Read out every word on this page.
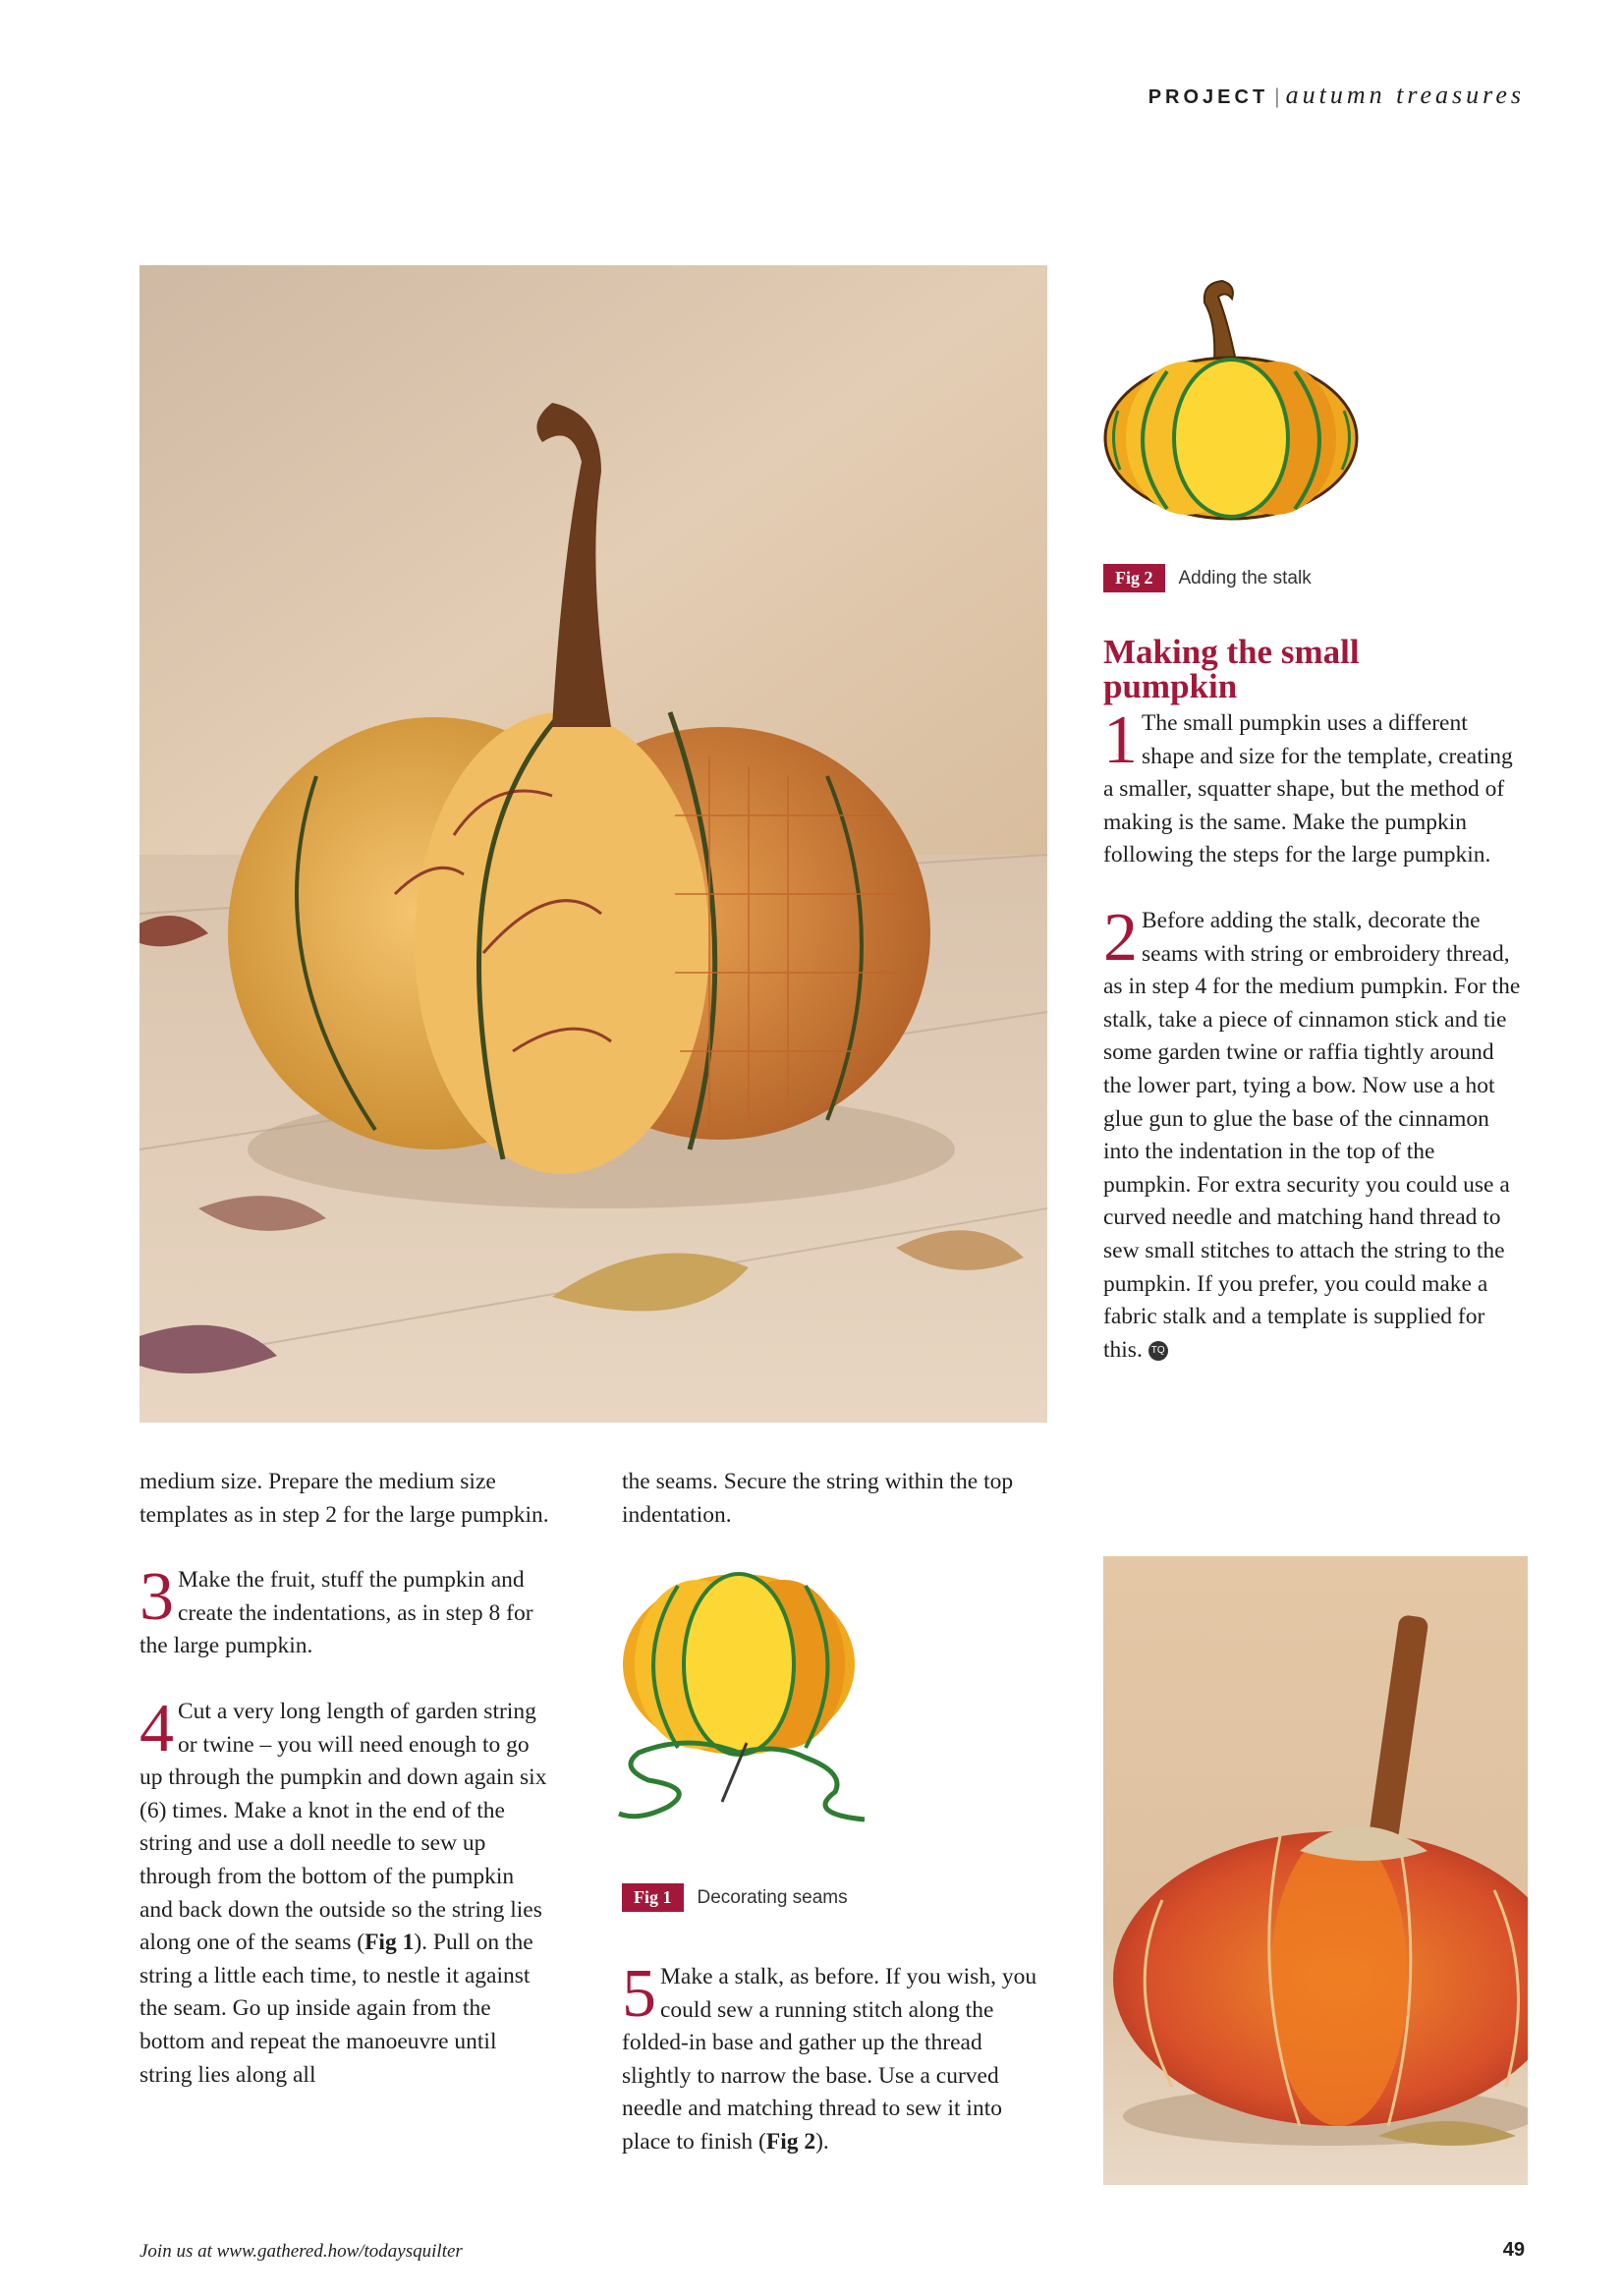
PROJECT | autumn treasures
Fig 2 Adding the stalk
Making the small pumpkin

1 The small pumpkin uses a different shape and size for the template, creating a smaller, squatter shape, but the method of making is the same. Make the pumpkin following the steps for the large pumpkin.

2 Before adding the stalk, decorate the seams with string or embroidery thread, as in step 4 for the medium pumpkin. For the stalk, take a piece of cinnamon stick and tie some garden twine or raffia tightly around the lower part, tying a bow. Now use a hot glue gun to glue the base of the cinnamon into the indentation in the top of the pumpkin. For extra security you could use a curved needle and matching hand thread to sew small stitches to attach the string to the pumpkin. If you prefer, you could make a fabric stalk and a template is supplied for this. TQ

medium size. Prepare the medium size templates as in step 2 for the large pumpkin.

3 Make the fruit, stuff the pumpkin and create the indentations, as in step 8 for the large pumpkin.

4 Cut a very long length of garden string or twine – you will need enough to go up through the pumpkin and down again six (6) times. Make a knot in the end of the string and use a doll needle to sew up through from the bottom of the pumpkin and back down the outside so the string lies along one of the seams (Fig 1). Pull on the string a little each time, to nestle it against the seam. Go up inside again from the bottom and repeat the manoeuvre until string lies along all

the seams. Secure the string within the top indentation.

Fig 1 Decorating seams

5 Make a stalk, as before. If you wish, you could sew a running stitch along the folded-in base and gather up the thread slightly to narrow the base. Use a curved needle and matching thread to sew it into place to finish (Fig 2).

Join us at www.gathered.how/todaysquilter	49
